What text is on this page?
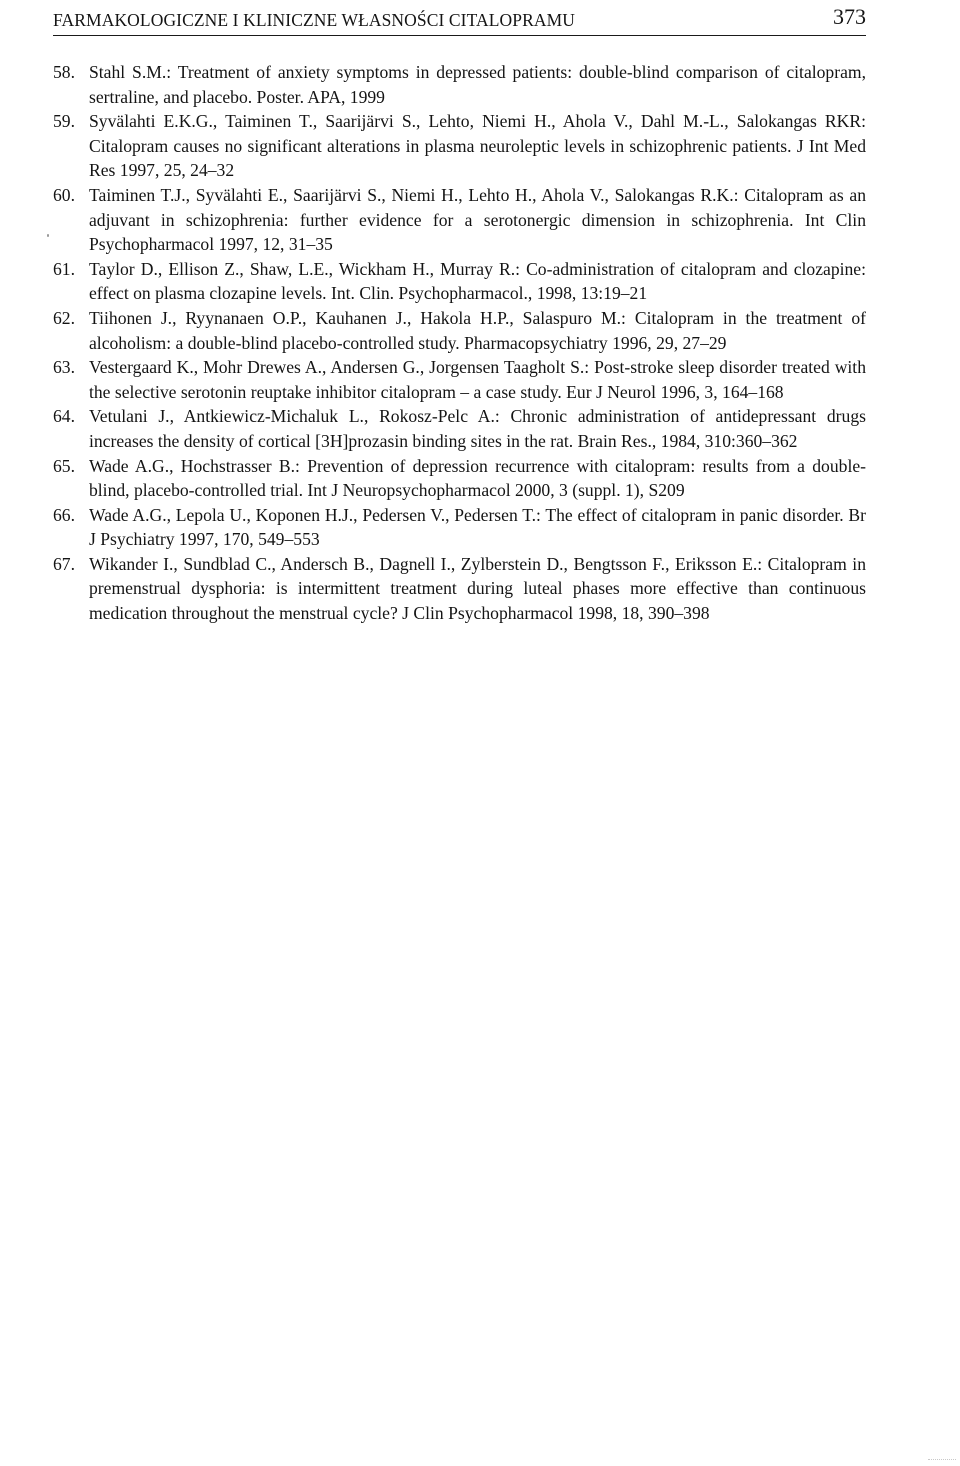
FARMAKOLOGICZNE I KLINICZNE WŁASNOŚCI CITALOPRAMU	373
58. Stahl S.M.: Treatment of anxiety symptoms in depressed patients: double-blind comparison of citalopram, sertraline, and placebo. Poster. APA, 1999
59. Syvälahti E.K.G., Taiminen T., Saarijärvi S., Lehto, Niemi H., Ahola V., Dahl M.-L., Salokangas RKR: Citalopram causes no significant alterations in plasma neuroleptic levels in schizophrenic patients. J Int Med Res 1997, 25, 24–32
60. Taiminen T.J., Syvälahti E., Saarijärvi S., Niemi H., Lehto H., Ahola V., Salokangas R.K.: Citalopram as an adjuvant in schizophrenia: further evidence for a serotonergic dimension in schizophrenia. Int Clin Psychopharmacol 1997, 12, 31–35
61. Taylor D., Ellison Z., Shaw, L.E., Wickham H., Murray R.: Co-administration of citalopram and clozapine: effect on plasma clozapine levels. Int. Clin. Psychopharmacol., 1998, 13:19–21
62. Tiihonen J., Ryynanaen O.P., Kauhanen J., Hakola H.P., Salaspuro M.: Citalopram in the treatment of alcoholism: a double-blind placebo-controlled study. Pharmacopsychiatry 1996, 29, 27–29
63. Vestergaard K., Mohr Drewes A., Andersen G., Jorgensen Taagholt S.: Post-stroke sleep disorder treated with the selective serotonin reuptake inhibitor citalopram – a case study. Eur J Neurol 1996, 3, 164–168
64. Vetulani J., Antkiewicz-Michaluk L., Rokosz-Pelc A.: Chronic administration of antidepressant drugs increases the density of cortical [3H]prozasin binding sites in the rat. Brain Res., 1984, 310:360–362
65. Wade A.G., Hochstrasser B.: Prevention of depression recurrence with citalopram: results from a double-blind, placebo-controlled trial. Int J Neuropsychopharmacol 2000, 3 (suppl. 1), S209
66. Wade A.G., Lepola U., Koponen H.J., Pedersen V., Pedersen T.: The effect of citalopram in panic disorder. Br J Psychiatry 1997, 170, 549–553
67. Wikander I., Sundblad C., Andersch B., Dagnell I., Zylberstein D., Bengtsson F., Eriksson E.: Citalopram in premenstrual dysphoria: is intermittent treatment during luteal phases more effective than continuous medication throughout the menstrual cycle? J Clin Psychopharmacol 1998, 18, 390–398
